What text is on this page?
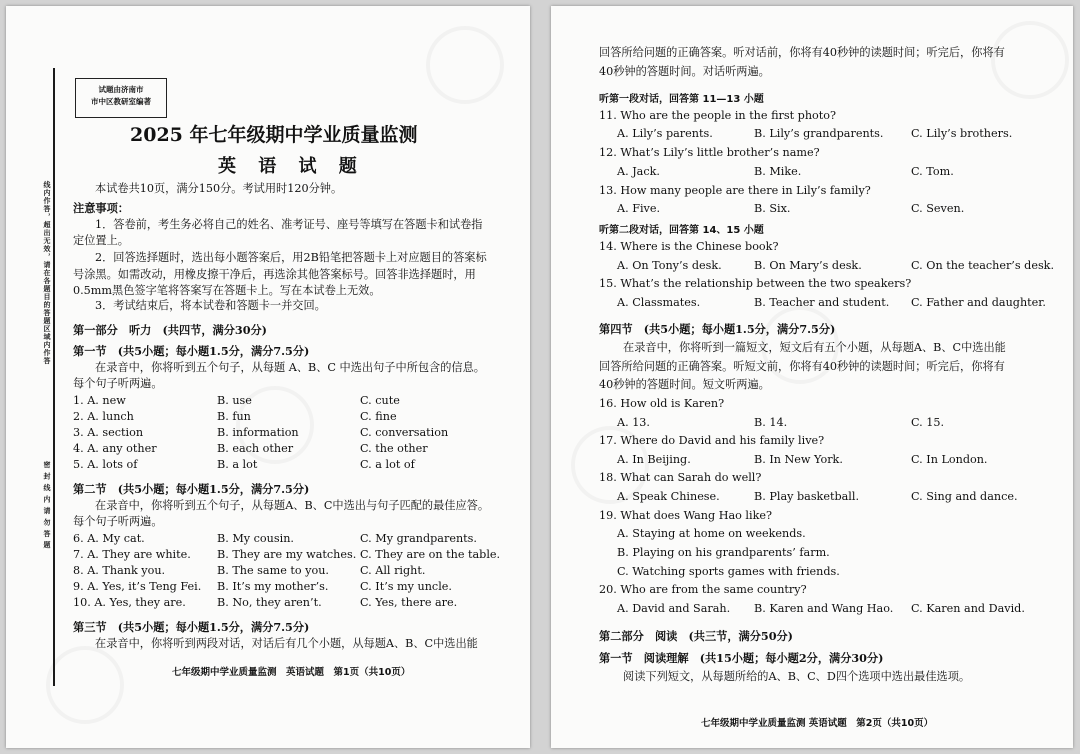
线内作答，超出无效，请在各题目的答题区域内作答
密 封 线 内 请 勿 答 题
试题由济南市
市中区教研室编著
2025 年七年级期中学业质量监测
英 语 试 题
本试卷共10页，满分150分。考试用时120分钟。
注意事项：
1．答卷前，考生务必将自己的姓名、准考证号、座号等填写在答题卡和试卷指
定位置上。
2．回答选择题时，选出每小题答案后，用2B铅笔把答题卡上对应题目的答案标
号涂黑。如需改动，用橡皮擦干净后，再选涂其他答案标号。回答非选择题时，用
0.5mm黑色签字笔将答案写在答题卡上。写在本试卷上无效。
3．考试结束后，将本试卷和答题卡一并交回。
第一部分　听力　(共四节，满分30分)
第一节　(共5小题；每小题1.5分，满分7.5分)
在录音中，你将听到五个句子，从每题 A、B、C 中选出句子中所包含的信息。
每个句子听两遍。
1. A. new	B. use	C. cute
2. A. lunch	B. fun	C. fine
3. A. section	B. information	C. conversation
4. A. any other	B. each other	C. the other
5. A. lots of	B. a lot	C. a lot of
第二节　(共5小题；每小题1.5分，满分7.5分)
在录音中，你将听到五个句子，从每题A、B、C中选出与句子匹配的最佳应答。
每个句子听两遍。
6. A. My cat.	B. My cousin.	C. My grandparents.
7. A. They are white. B. They are my watches. C. They are on the table.
8. A. Thank you.	B. The same to you.	C. All right.
9. A. Yes, it’s Teng Fei. B. It’s my mother’s.	C. It’s my uncle.
10. A. Yes, they are.	B. No, they aren’t.	C. Yes, there are.
第三节　(共5小题；每小题1.5分，满分7.5分)
在录音中，你将听到两段对话，对话后有几个小题，从每题A、B、C中选出能
七年级期中学业质量监测　英语试题　第1页（共10页）
回答所给问题的正确答案。听对话前，你将有40秒钟的读题时间；听完后，你将有
40秒钟的答题时间。对话听两遍。
听第一段对话，回答第 11—13 小题
11. Who are the people in the first photo?
A. Lily’s parents.	B. Lily’s grandparents. C. Lily’s brothers.
12. What’s Lily’s little brother’s name?
A. Jack.	B. Mike.	C. Tom.
13. How many people are there in Lily’s family?
A. Five.	B. Six.	C. Seven.
听第二段对话，回答第 14、15 小题
14. Where is the Chinese book?
A. On Tony’s desk.	B. On Mary’s desk.	C. On the teacher’s desk.
15. What’s the relationship between the two speakers?
A. Classmates.	B. Teacher and student. C. Father and daughter.
第四节　(共5小题；每小题1.5分，满分7.5分)
在录音中，你将听到一篇短文，短文后有五个小题，从每题A、B、C中选出能
回答所给问题的正确答案。听短文前，你将有40秒钟的读题时间；听完后，你将有
40秒钟的答题时间。短文听两遍。
16. How old is Karen?
A. 13.	B. 14.	C. 15.
17. Where do David and his family live?
A. In Beijing.	B. In New York.	C. In London.
18. What can Sarah do well?
A. Speak Chinese.	B. Play basketball.	C. Sing and dance.
19. What does Wang Hao like?
A. Staying at home on weekends.
B. Playing on his grandparents’ farm.
C. Watching sports games with friends.
20. Who are from the same country?
A. David and Sarah. B. Karen and Wang Hao. C. Karen and David.
第二部分　阅读　(共三节，满分50分)
第一节　阅读理解　(共15小题；每小题2分，满分30分)
阅读下列短文，从每题所给的A、B、C、D四个选项中选出最佳选项。
七年级期中学业质量监测 英语试题　第2页（共10页）
